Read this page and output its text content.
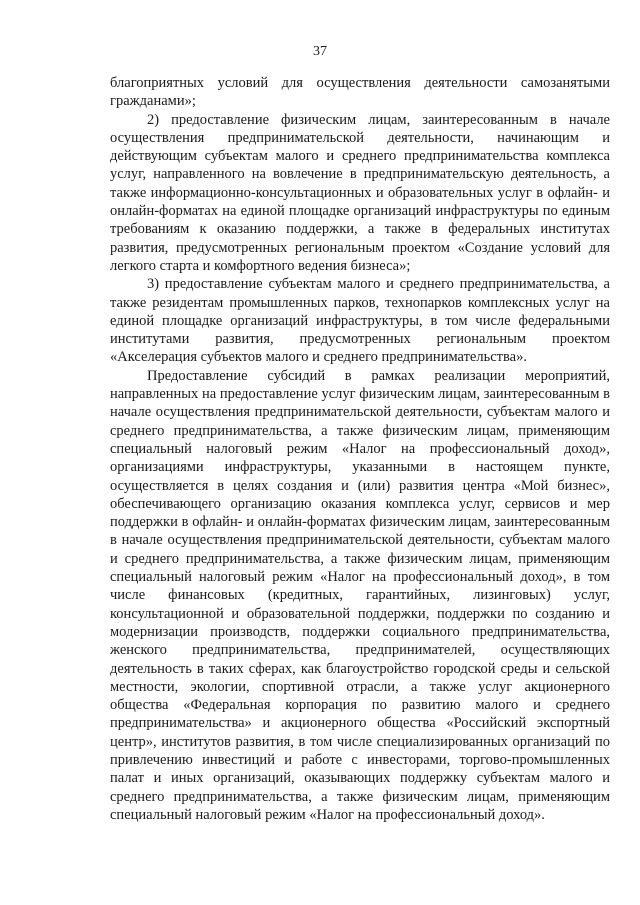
37

благоприятных условий для осуществления деятельности самозанятыми гражданами»;

2) предоставление физическим лицам, заинтересованным в начале осуществления предпринимательской деятельности, начинающим и действующим субъектам малого и среднего предпринимательства комплекса услуг, направленного на вовлечение в предпринимательскую деятельность, а также информационно-консультационных и образовательных услуг в офлайн- и онлайн-форматах на единой площадке организаций инфраструктуры по единым требованиям к оказанию поддержки, а также в федеральных институтах развития, предусмотренных региональным проектом «Создание условий для легкого старта и комфортного ведения бизнеса»;

3) предоставление субъектам малого и среднего предпринимательства, а также резидентам промышленных парков, технопарков комплексных услуг на единой площадке организаций инфраструктуры, в том числе федеральными институтами развития, предусмотренных региональным проектом «Акселерация субъектов малого и среднего предпринимательства».

Предоставление субсидий в рамках реализации мероприятий, направленных на предоставление услуг физическим лицам, заинтересованным в начале осуществления предпринимательской деятельности, субъектам малого и среднего предпринимательства, а также физическим лицам, применяющим специальный налоговый режим «Налог на профессиональный доход», организациями инфраструктуры, указанными в настоящем пункте, осуществляется в целях создания и (или) развития центра «Мой бизнес», обеспечивающего организацию оказания комплекса услуг, сервисов и мер поддержки в офлайн- и онлайн-форматах физическим лицам, заинтересованным в начале осуществления предпринимательской деятельности, субъектам малого и среднего предпринимательства, а также физическим лицам, применяющим специальный налоговый режим «Налог на профессиональный доход», в том числе финансовых (кредитных, гарантийных, лизинговых) услуг, консультационной и образовательной поддержки, поддержки по созданию и модернизации производств, поддержки социального предпринимательства, женского предпринимательства, предпринимателей, осуществляющих деятельность в таких сферах, как благоустройство городской среды и сельской местности, экологии, спортивной отрасли, а также услуг акционерного общества «Федеральная корпорация по развитию малого и среднего предпринимательства» и акционерного общества «Российский экспортный центр», институтов развития, в том числе специализированных организаций по привлечению инвестиций и работе с инвесторами, торгово-промышленных палат и иных организаций, оказывающих поддержку субъектам малого и среднего предпринимательства, а также физическим лицам, применяющим специальный налоговый режим «Налог на профессиональный доход».
